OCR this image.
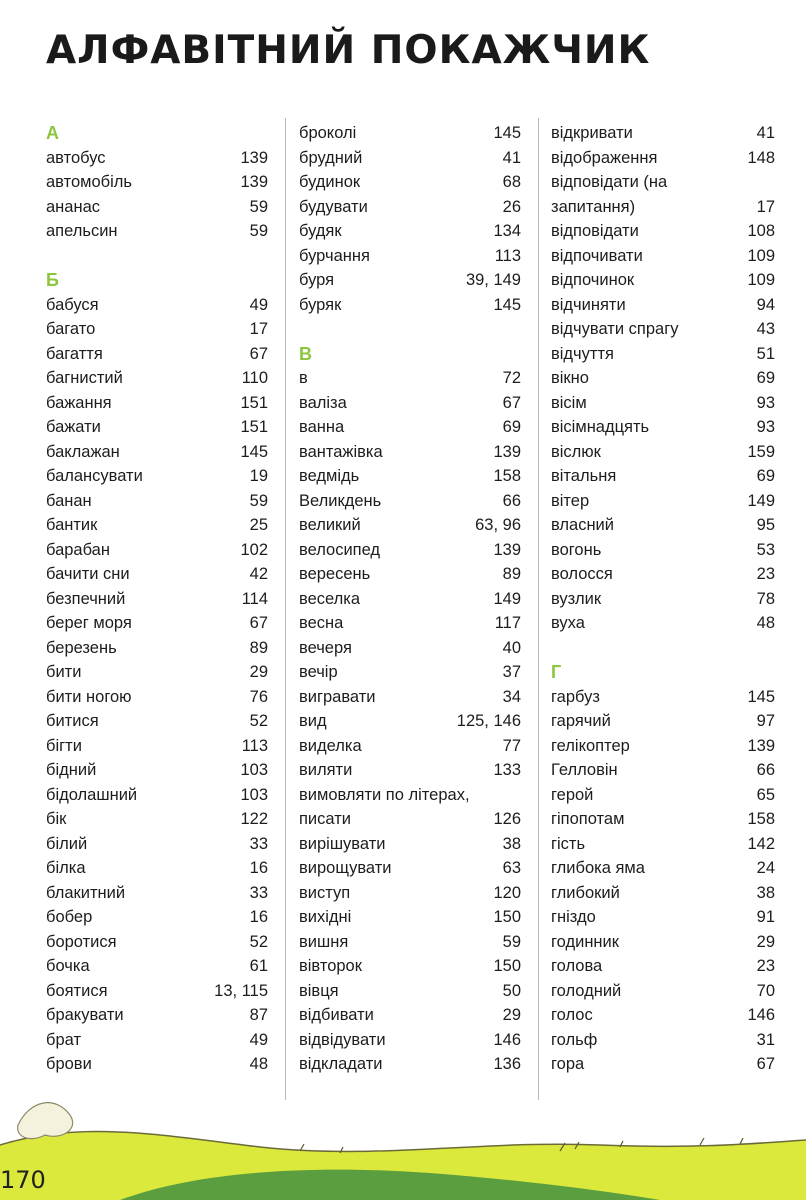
АЛФАВІТНИЙ ПОКАЖЧИК
А
автобус	139
автомобіль	139
ананас	59
апельсин	59
Б
бабуся	49
багато	17
багаття	67
багнистий	110
бажання	151
бажати	151
баклажан	145
балансувати	19
банан	59
бантик	25
барабан	102
бачити сни	42
безпечний	114
берег моря	67
березень	89
бити	29
бити ногою	76
битися	52
бігти	113
бідний	103
бідолашний	103
бік	122
білий	33
білка	16
блакитний	33
бобер	16
боротися	52
бочка	61
боятися	13, 115
бракувати	87
брат	49
брови	48
броколі	145
брудний	41
будинок	68
будувати	26
будяк	134
бурчання	113
буря	39, 149
буряк	145
В
в	72
валіза	67
ванна	69
вантажівка	139
ведмідь	158
Великдень	66
великий	63, 96
велосипед	139
вересень	89
веселка	149
весна	117
вечеря	40
вечір	37
вигравати	34
вид	125, 146
виделка	77
виляти	133
вимовляти по літерах,
писати	126
вирішувати	38
вирощувати	63
виступ	120
вихідні	150
вишня	59
вівторок	150
вівця	50
відбивати	29
відвідувати	146
відкладати	136
відкривати	41
відображення	148
відповідати (на
запитання)	17
відповідати	108
відпочивати	109
відпочинок	109
відчиняти	94
відчувати спрагу	43
відчуття	51
вікно	69
вісім	93
вісімнадцять	93
віслюк	159
вітальня	69
вітер	149
власний	95
вогонь	53
волосся	23
вузлик	78
вуха	48
Г
гарбуз	145
гарячий	97
гелікоптер	139
Гелловін	66
герой	65
гіпопотам	158
гість	142
глибока яма	24
глибокий	38
гніздо	91
годинник	29
голова	23
голодний	70
голос	146
гольф	31
гора	67
170
